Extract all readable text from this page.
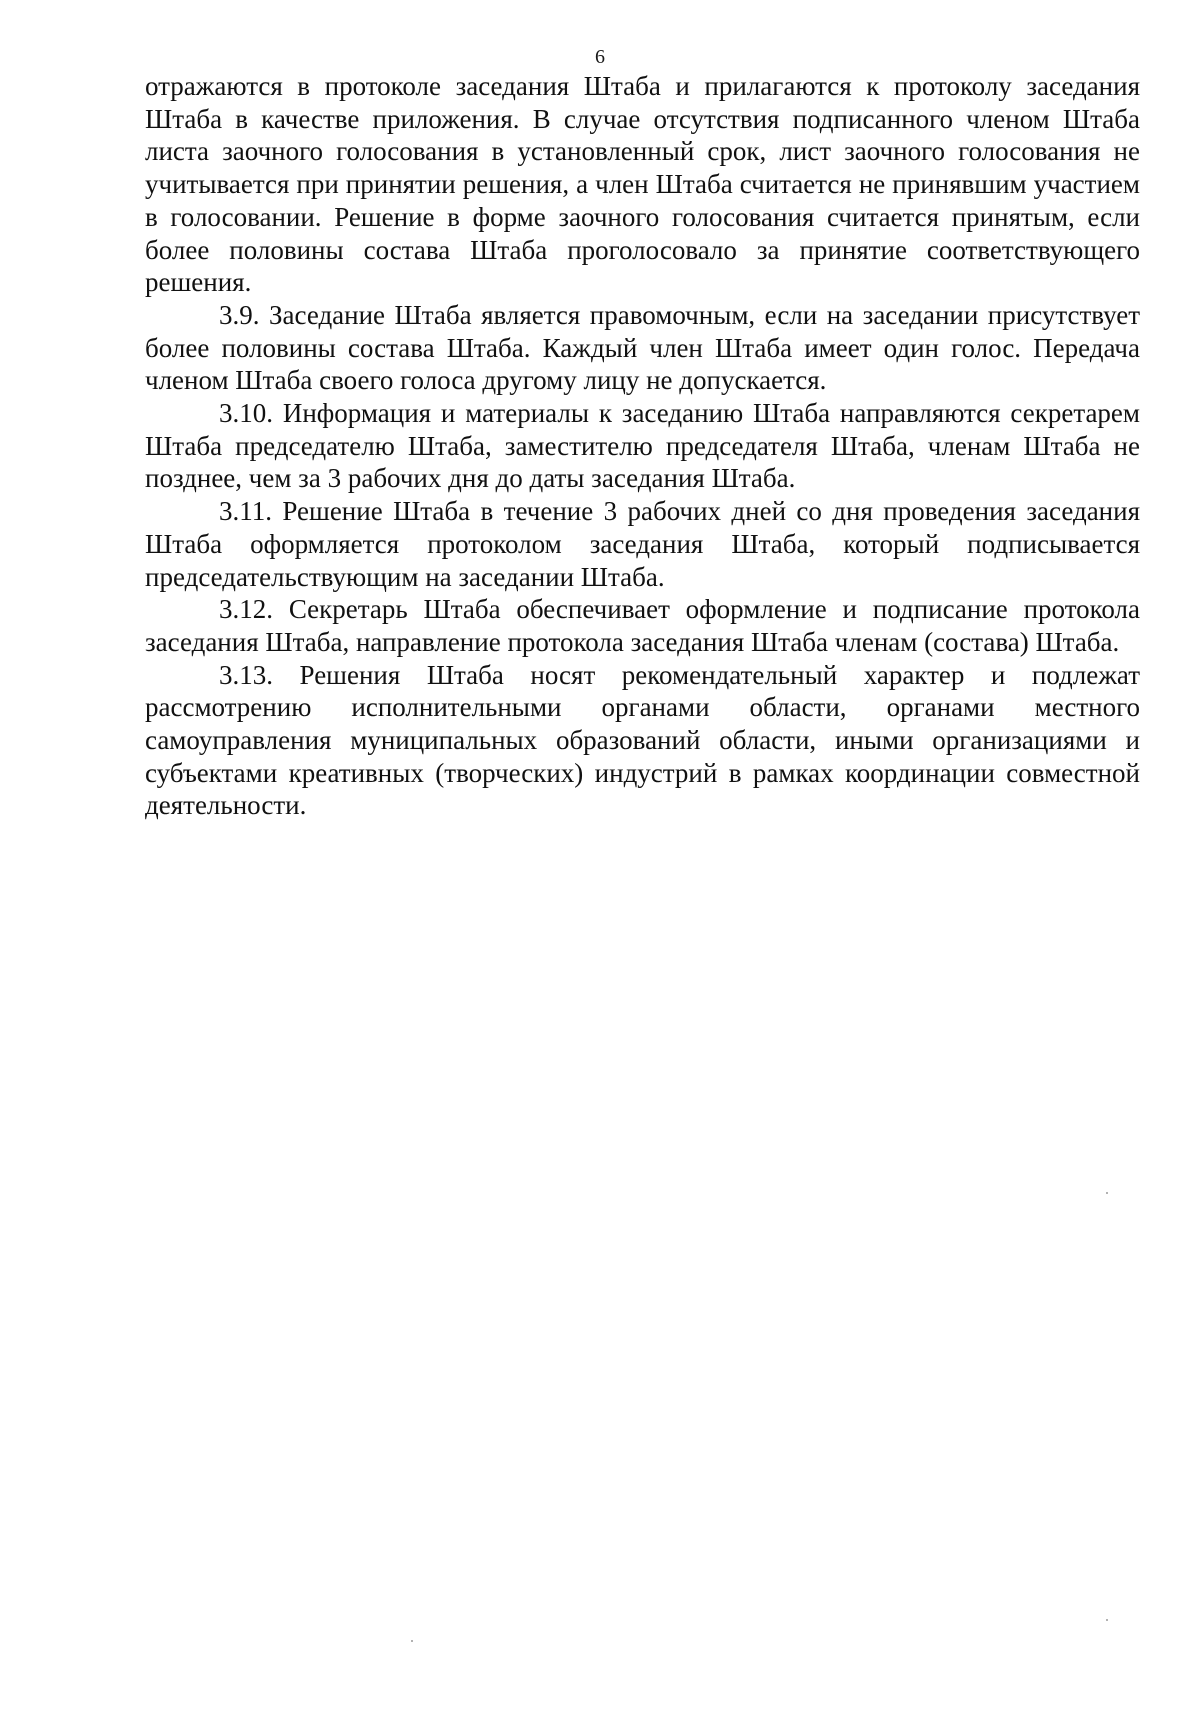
6

отражаются в протоколе заседания Штаба и прилагаются к протоколу заседания Штаба в качестве приложения. В случае отсутствия подписанного членом Штаба листа заочного голосования в установленный срок, лист заочного голосования не учитывается при принятии решения, а член Штаба считается не принявшим участием в голосовании. Решение в форме заочного голосования считается принятым, если более половины состава Штаба проголосовало за принятие соответствующего решения.

3.9. Заседание Штаба является правомочным, если на заседании присутствует более половины состава Штаба. Каждый член Штаба имеет один голос. Передача членом Штаба своего голоса другому лицу не допускается.

3.10. Информация и материалы к заседанию Штаба направляются секретарем Штаба председателю Штаба, заместителю председателя Штаба, членам Штаба не позднее, чем за 3 рабочих дня до даты заседания Штаба.

3.11. Решение Штаба в течение 3 рабочих дней со дня проведения заседания Штаба оформляется протоколом заседания Штаба, который подписывается председательствующим на заседании Штаба.

3.12. Секретарь Штаба обеспечивает оформление и подписание протокола заседания Штаба, направление протокола заседания Штаба членам (состава) Штаба.

3.13. Решения Штаба носят рекомендательный характер и подлежат рассмотрению исполнительными органами области, органами местного самоуправления муниципальных образований области, иными организациями и субъектами креативных (творческих) индустрий в рамках координации совместной деятельности.
